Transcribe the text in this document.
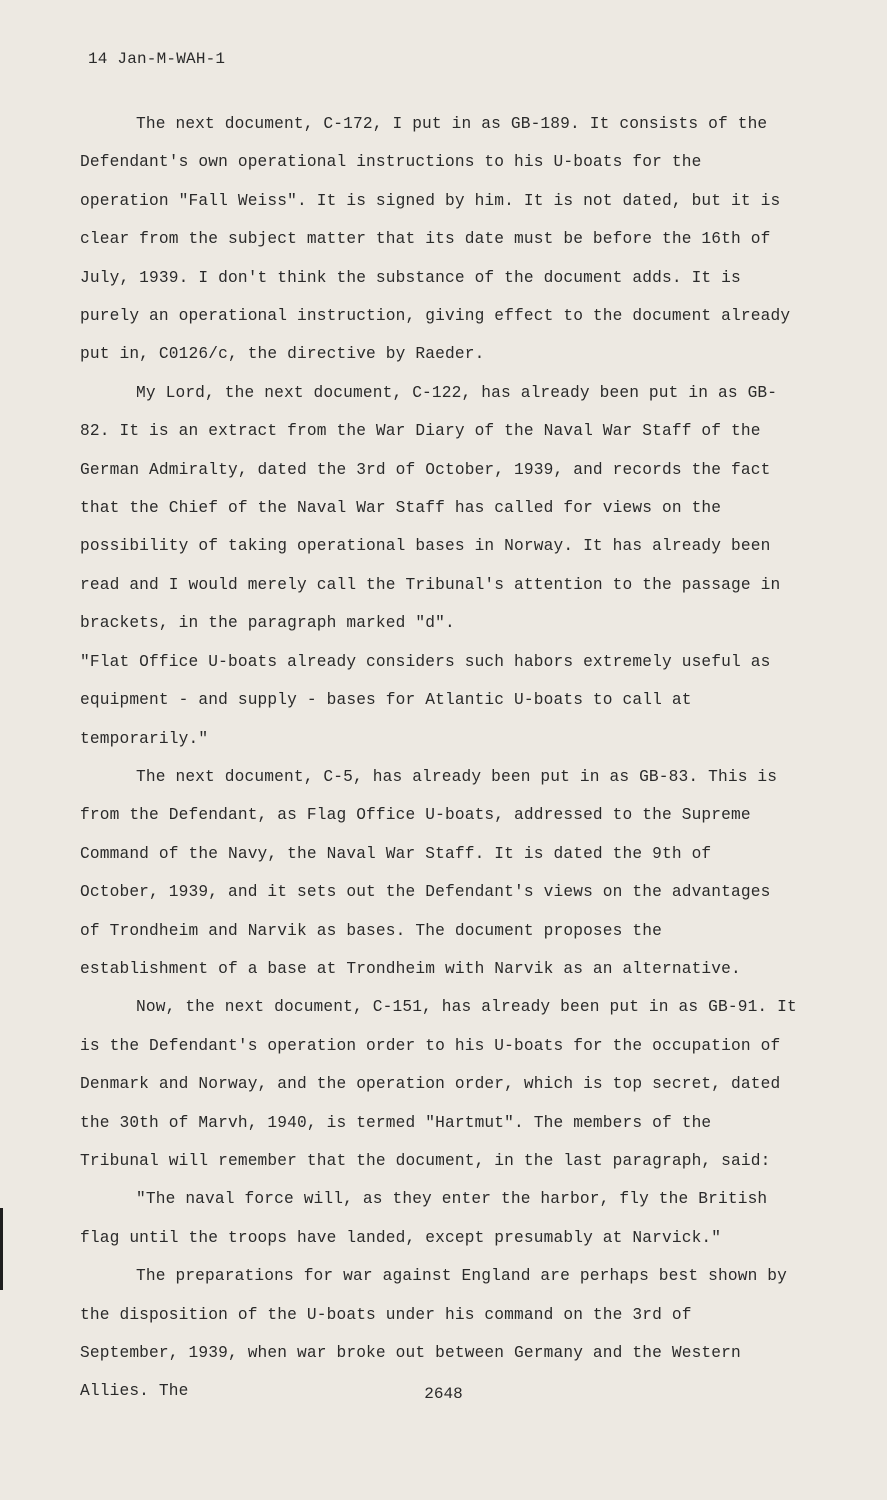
14 Jan-M-WAH-1

The next document, C-172, I put in as GB-189. It consists of the Defendant's own operational instructions to his U-boats for the operation "Fall Weiss". It is signed by him. It is not dated, but it is clear from the subject matter that its date must be before the 16th of July, 1939. I don't think the substance of the document adds. It is purely an operational instruction, giving effect to the document already put in, C0126/c, the directive by Raeder.

My Lord, the next document, C-122, has already been put in as GB-82. It is an extract from the War Diary of the Naval War Staff of the German Admiralty, dated the 3rd of October, 1939, and records the fact that the Chief of the Naval War Staff has called for views on the possibility of taking operational bases in Norway. It has already been read and I would merely call the Tribunal's attention to the passage in brackets, in the paragraph marked "d".

"Flat Office U-boats already considers such habors extremely useful as equipment - and supply - bases for Atlantic U-boats to call at temporarily."

The next document, C-5, has already been put in as GB-83. This is from the Defendant, as Flag Office U-boats, addressed to the Supreme Command of the Navy, the Naval War Staff. It is dated the 9th of October, 1939, and it sets out the Defendant's views on the advantages of Trondheim and Narvik as bases. The document proposes the establishment of a base at Trondheim with Narvik as an alternative.

Now, the next document, C-151, has already been put in as GB-91. It is the Defendant's operation order to his U-boats for the occupation of Denmark and Norway, and the operation order, which is top secret, dated the 30th of Marvh, 1940, is termed "Hartmut". The members of the Tribunal will remember that the document, in the last paragraph, said:

"The naval force will, as they enter the harbor, fly the British flag until the troops have landed, except presumably at Narvick."

The preparations for war against England are perhaps best shown by the disposition of the U-boats under his command on the 3rd of September, 1939, when war broke out between Germany and the Western Allies. The	2648
